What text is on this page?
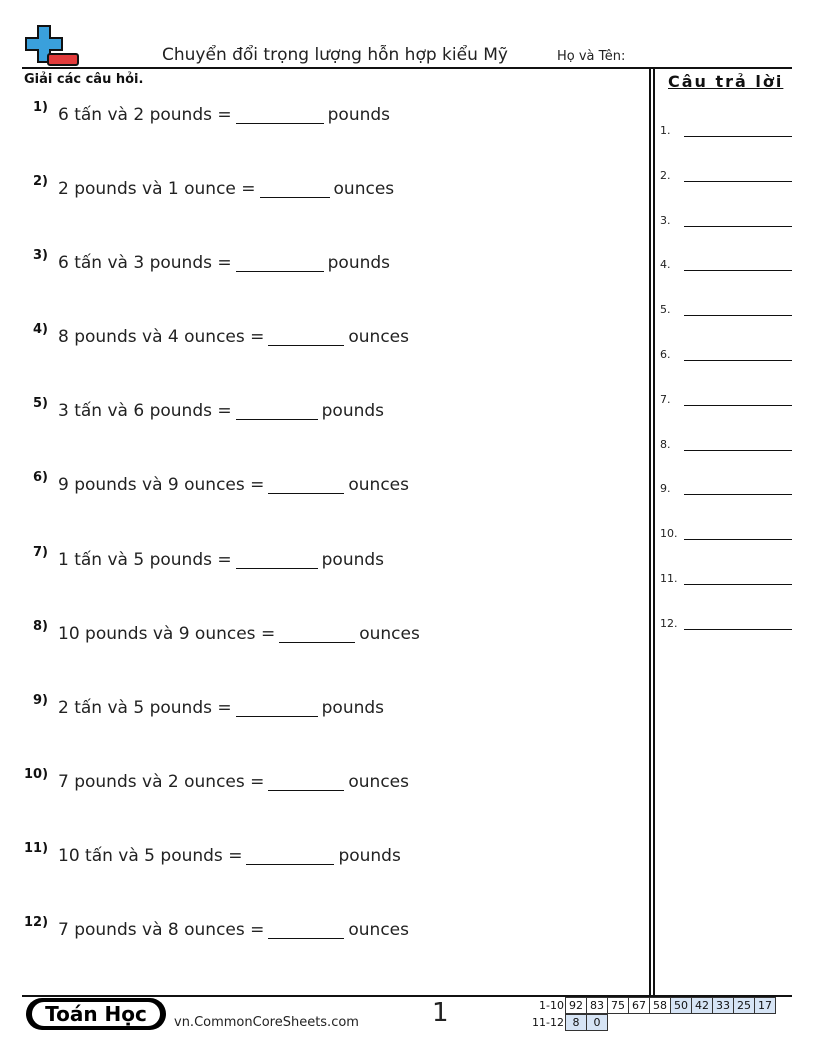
Chuyển đổi trọng lượng hỗn hợp kiểu Mỹ	Họ và Tên:
Giải các câu hỏi.	Câu trả lời
1) 6 tấn và 2 pounds =	pounds
2) 2 pounds và 1 ounce =	ounces
3) 6 tấn và 3 pounds =	pounds
4) 8 pounds và 4 ounces =	ounces
5) 3 tấn và 6 pounds =	pounds
6) 9 pounds và 9 ounces =	ounces
7) 1 tấn và 5 pounds =	pounds
8) 10 pounds và 9 ounces =	ounces
9) 2 tấn và 5 pounds =	pounds
10) 7 pounds và 2 ounces =	ounces
11) 10 tấn và 5 pounds =	pounds
12) 7 pounds và 8 ounces =	ounces
1.
2.
3.
4.
5.
6.
7.
8.
9.
10.
11.
12.
Toán Học	vn.CommonCoreSheets.com	1	1-10 92 83 75 67 58 50 42 33 25 17
11-12 8	0
